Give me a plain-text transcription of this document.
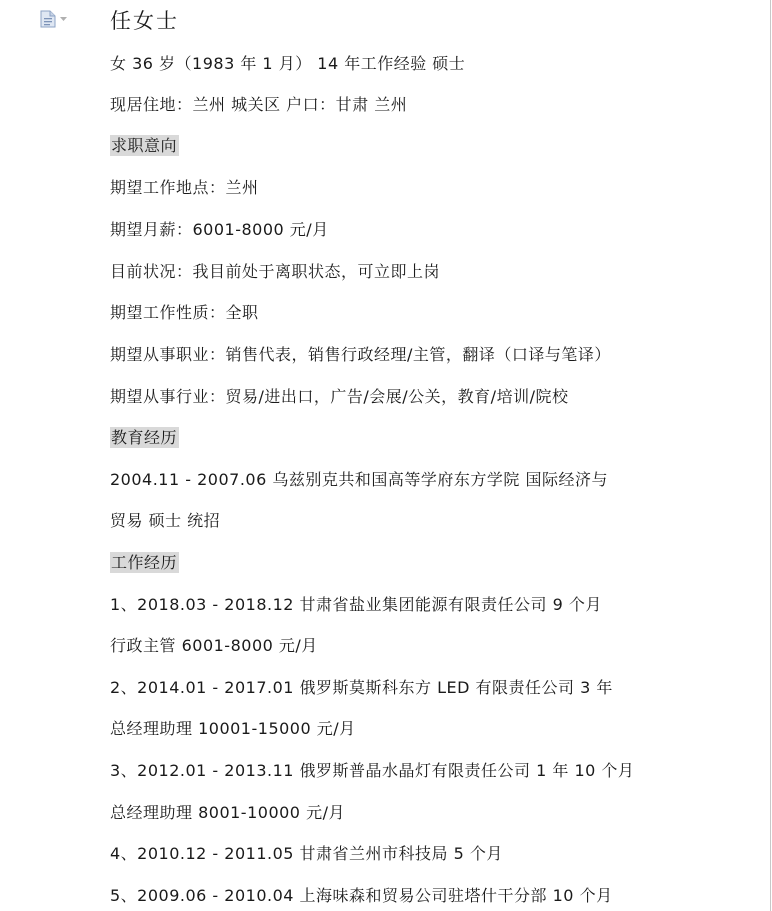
任女士
女 36 岁（1983 年 1 月） 14 年工作经验 硕士
现居住地：兰州 城关区 户口：甘肃 兰州
求职意向
期望工作地点：兰州
期望月薪：6001-8000 元/月
目前状况：我目前处于离职状态，可立即上岗
期望工作性质：全职
期望从事职业：销售代表，销售行政经理/主管，翻译（口译与笔译）
期望从事行业：贸易/进出口，广告/会展/公关，教育/培训/院校
教育经历
2004.11 - 2007.06 乌兹别克共和国高等学府东方学院 国际经济与
贸易 硕士 统招
工作经历
1、2018.03 - 2018.12 甘肃省盐业集团能源有限责任公司 9 个月
行政主管 6001-8000 元/月
2、2014.01 - 2017.01 俄罗斯莫斯科东方 LED 有限责任公司 3 年
总经理助理 10001-15000 元/月
3、2012.01 - 2013.11 俄罗斯普晶水晶灯有限责任公司 1 年 10 个月
总经理助理 8001-10000 元/月
4、2010.12 - 2011.05 甘肃省兰州市科技局 5 个月
5、2009.06 - 2010.04 上海味森和贸易公司驻塔什干分部 10 个月
